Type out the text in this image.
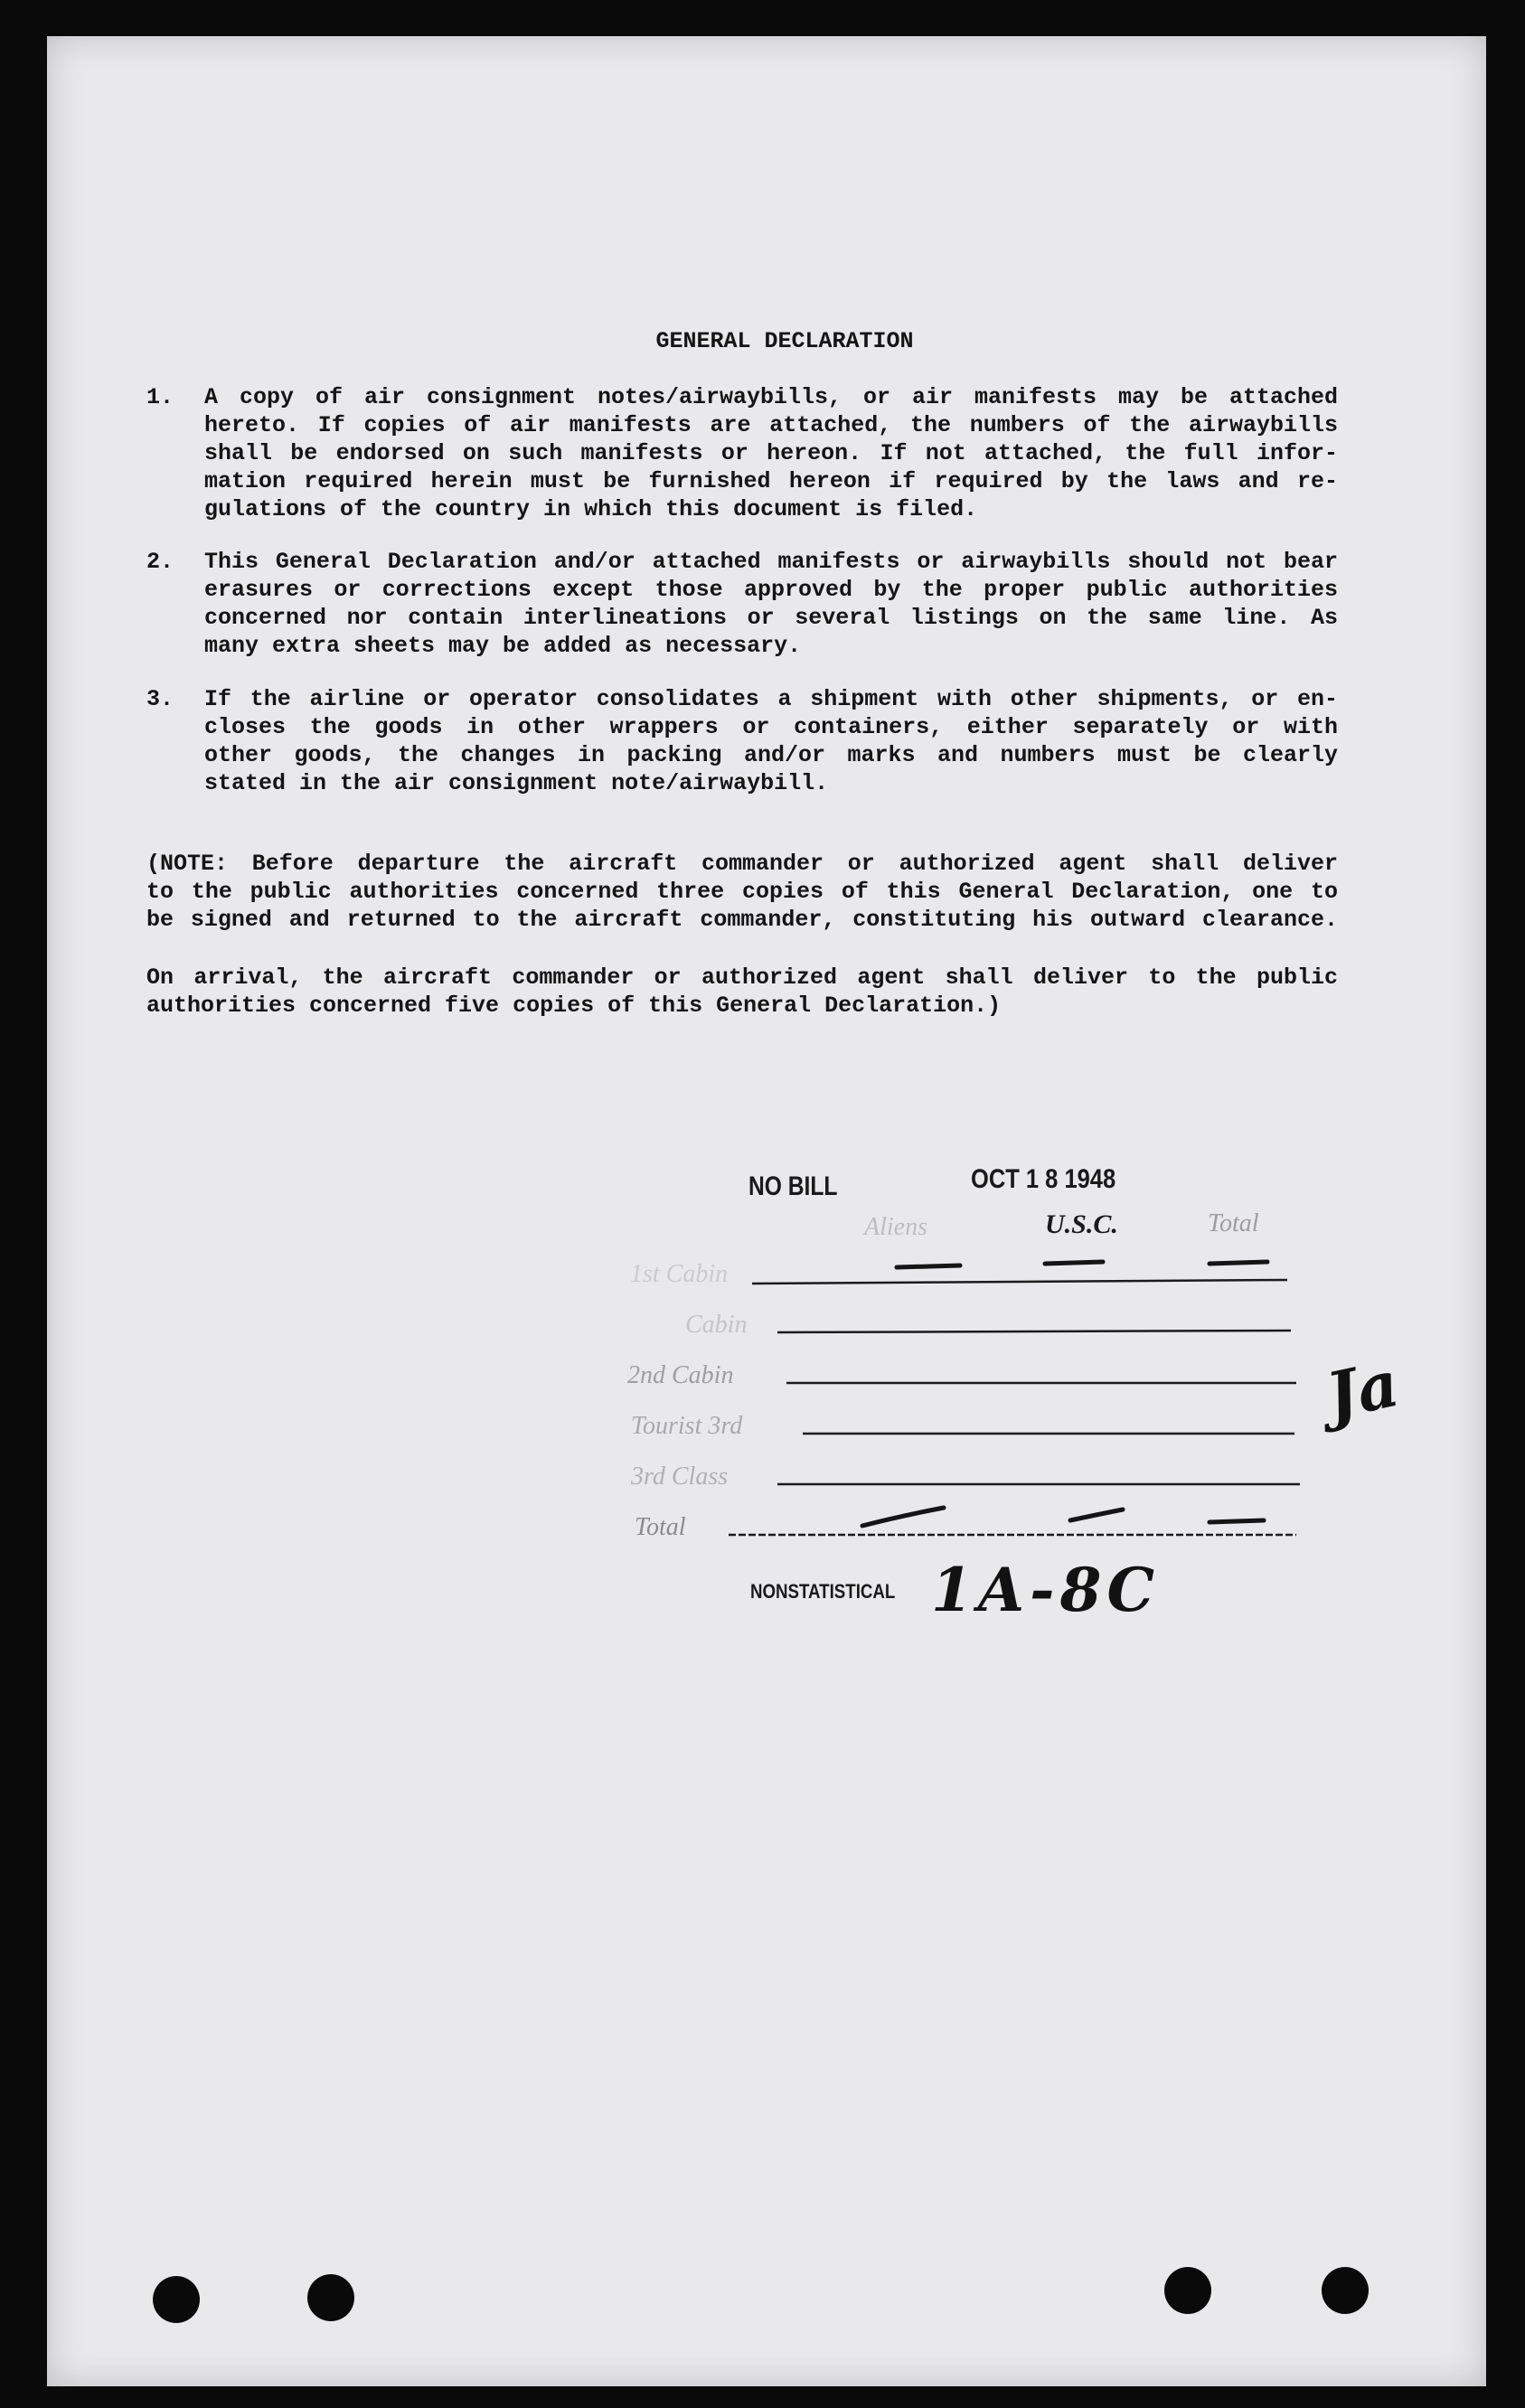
GENERAL DECLARATION
1. A copy of air consignment notes/airwaybills, or air manifests may be attached
hereto. If copies of air manifests are attached, the numbers of the airwaybills
shall be endorsed on such manifests or hereon. If not attached, the full infor-
mation required herein must be furnished hereon if required by the laws and re-
gulations of the country in which this document is filed.
2. This General Declaration and/or attached manifests or airwaybills should not bear
erasures or corrections except those approved by the proper public authorities
concerned nor contain interlineations or several listings on the same line. As
many extra sheets may be added as necessary.
3. If the airline or operator consolidates a shipment with other shipments, or en-
closes the goods in other wrappers or containers, either separately or with
other goods, the changes in packing and/or marks and numbers must be clearly
stated in the air consignment note/airwaybill.
(NOTE: Before departure the aircraft commander or authorized agent shall deliver
to the public authorities concerned three copies of this General Declaration, one to
be signed and returned to the aircraft commander, constituting his outward clearance.
On arrival, the aircraft commander or authorized agent shall deliver to the public
authorities concerned five copies of this General Declaration.)
NO BILL	OCT 1 8 1948
Aliens	U.S.C.	Total
1st Cabin
Cabin
2nd Cabin
Tourist 3rd
3rd Class
Total
Ja
NONSTATISTICAL 1A-8C
